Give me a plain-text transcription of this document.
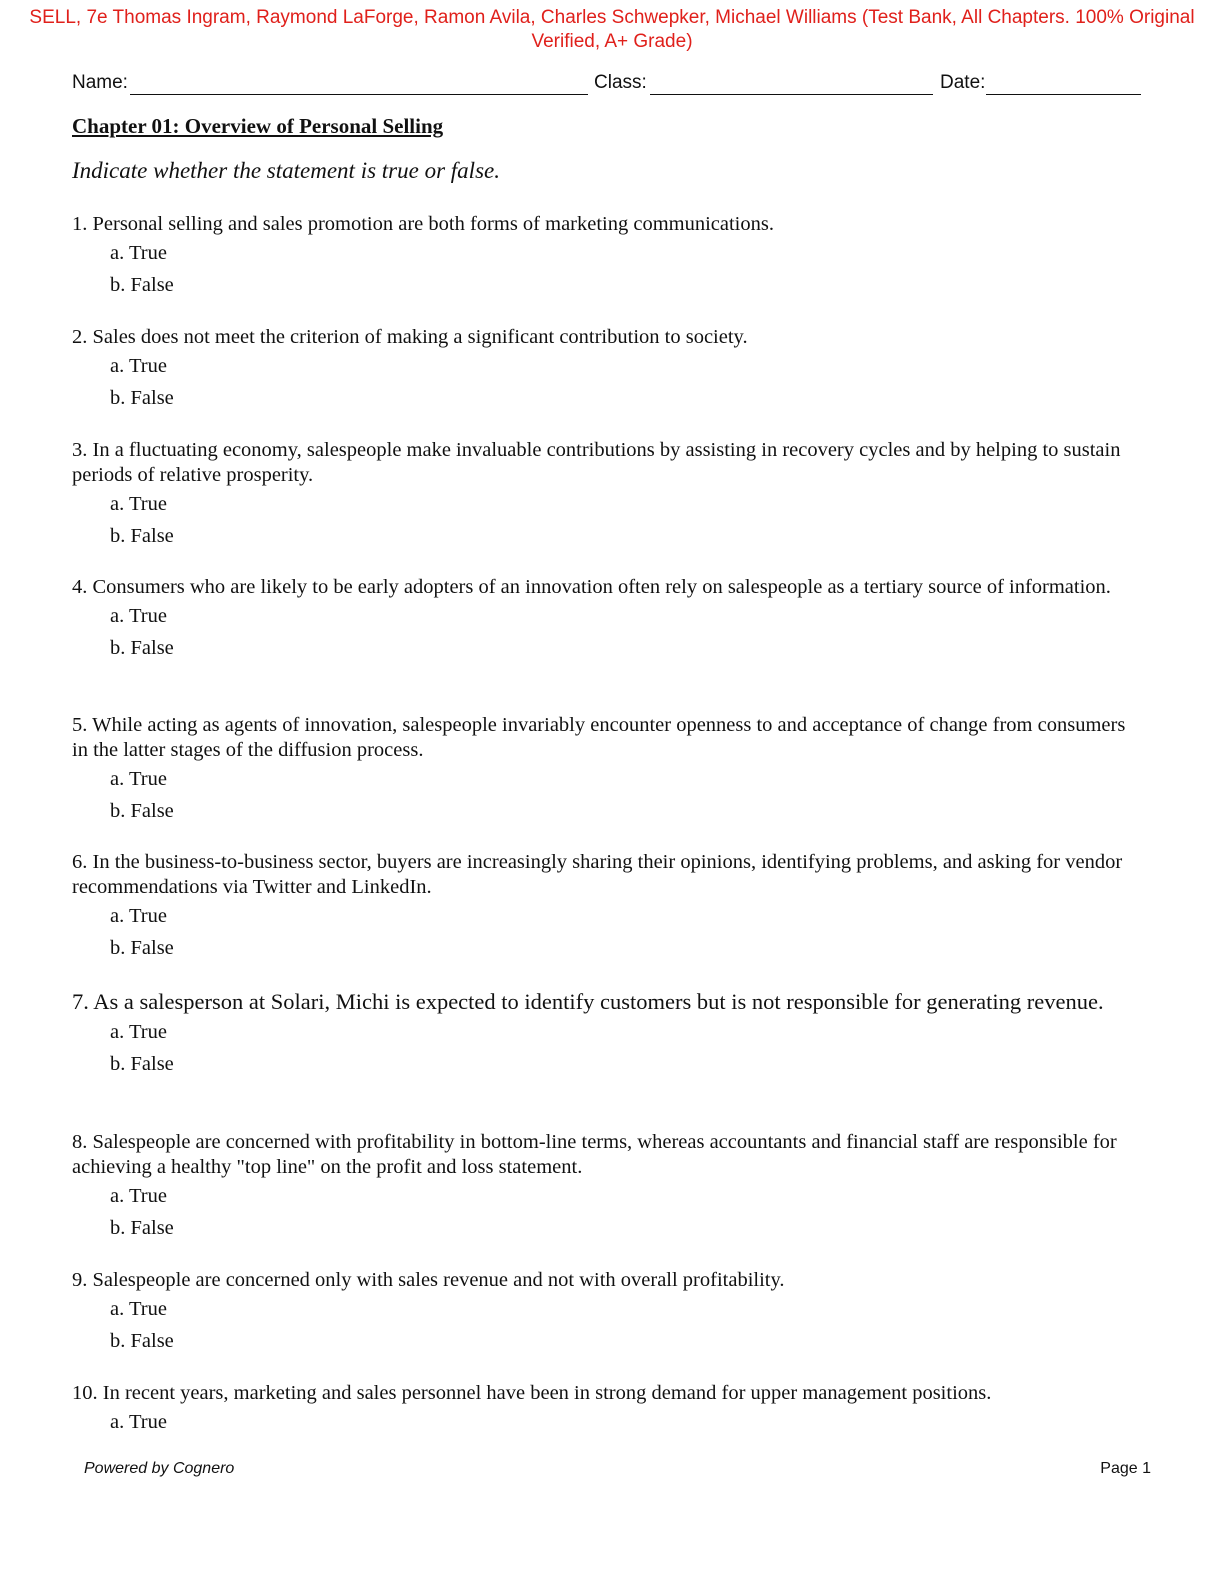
SELL, 7e Thomas Ingram, Raymond LaForge, Ramon Avila, Charles Schwepker, Michael Williams (Test Bank, All Chapters. 100% Original Verified, A+ Grade)
Name:	Class:	Date:
Chapter 01: Overview of Personal Selling
Indicate whether the statement is true or false.

1. Personal selling and sales promotion are both forms of marketing communications.

a. True

b. False

2. Sales does not meet the criterion of making a significant contribution to society.

a. True

b. False

3. In a fluctuating economy, salespeople make invaluable contributions by assisting in recovery cycles and by helping to sustain periods of relative prosperity.

a. True

b. False

4. Consumers who are likely to be early adopters of an innovation often rely on salespeople as a tertiary source of information.

a. True

b. False

5. While acting as agents of innovation, salespeople invariably encounter openness to and acceptance of change from consumers in the latter stages of the diffusion process.

a. True

b. False

6. In the business-to-business sector, buyers are increasingly sharing their opinions, identifying problems, and asking for vendor recommendations via Twitter and LinkedIn.

a. True

b. False

7. As a salesperson at Solari, Michi is expected to identify customers but is not responsible for generating revenue.

a. True

b. False

8. Salespeople are concerned with profitability in bottom-line terms, whereas accountants and financial staff are responsible for achieving a healthy "top line" on the profit and loss statement.

a. True

b. False

9. Salespeople are concerned only with sales revenue and not with overall profitability.

a. True

b. False

10. In recent years, marketing and sales personnel have been in strong demand for upper management positions.

a. True

Powered by Cognero	Page 1
